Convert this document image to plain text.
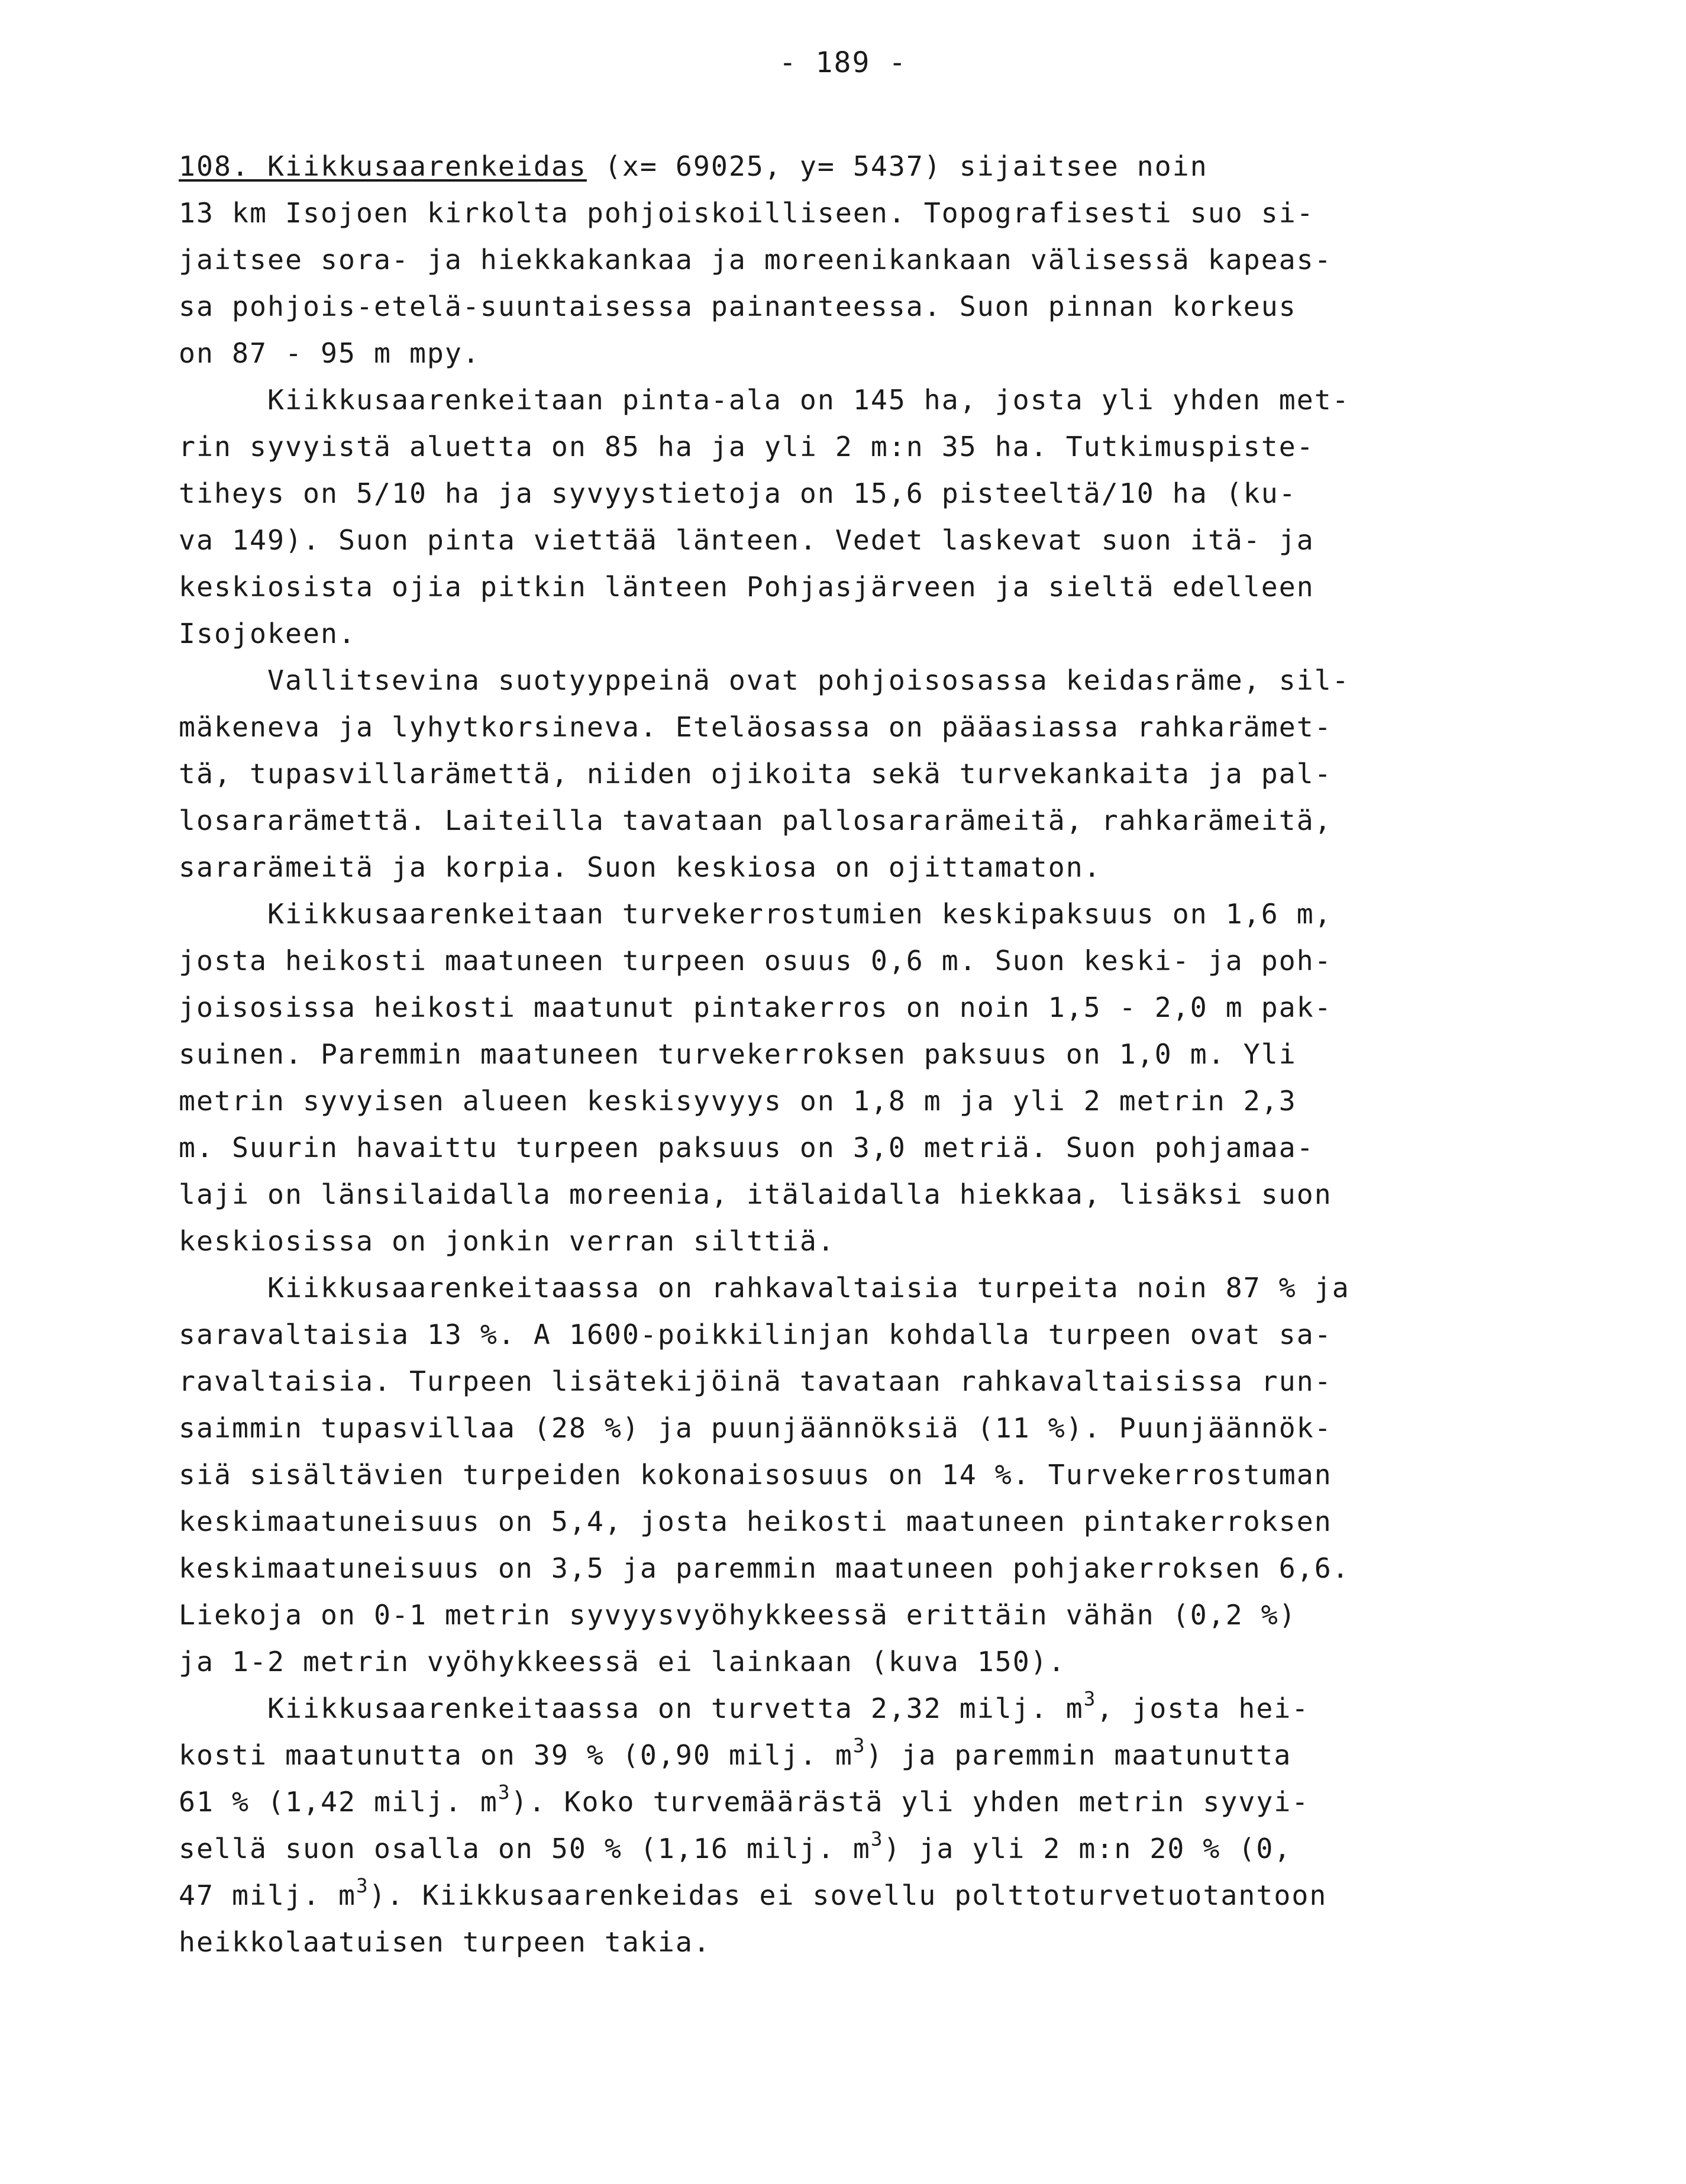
- 189 -
108. Kiikkusaarenkeidas (x= 69025, y= 5437) sijaitsee noin
13 km Isojoen kirkolta pohjoiskoilliseen. Topografisesti suo si-
jaitsee sora- ja hiekkakankaa ja moreenikankaan välisessä kapeas-
sa pohjois-etelä-suuntaisessa painanteessa. Suon pinnan korkeus
on 87 - 95 m mpy.
Kiikkusaarenkeitaan pinta-ala on 145 ha, josta yli yhden met-
rin syvyistä aluetta on 85 ha ja yli 2 m:n 35 ha. Tutkimuspiste-
tiheys on 5/10 ha ja syvyystietoja on 15,6 pisteeltä/10 ha (ku-
va 149). Suon pinta viettää länteen. Vedet laskevat suon itä- ja
keskiosista ojia pitkin länteen Pohjasjärveen ja sieltä edelleen
Isojokeen.
Vallitsevina suotyyppeinä ovat pohjoisosassa keidasräme, sil-
mäkeneva ja lyhytkorsineva. Eteläosassa on pääasiassa rahkarämet-
tä, tupasvillarämettä, niiden ojikoita sekä turvekankaita ja pal-
losararämettä. Laiteilla tavataan pallosararämeitä, rahkarämeitä,
sararämeitä ja korpia. Suon keskiosa on ojittamaton.
Kiikkusaarenkeitaan turvekerrostumien keskipaksuus on 1,6 m,
josta heikosti maatuneen turpeen osuus 0,6 m. Suon keski- ja poh-
joisosissa heikosti maatunut pintakerros on noin 1,5 - 2,0 m pak-
suinen. Paremmin maatuneen turvekerroksen paksuus on 1,0 m. Yli
metrin syvyisen alueen keskisyvyys on 1,8 m ja yli 2 metrin 2,3
m. Suurin havaittu turpeen paksuus on 3,0 metriä. Suon pohjamaa-
laji on länsilaidalla moreenia, itälaidalla hiekkaa, lisäksi suon
keskiosissa on jonkin verran silttiä.
Kiikkusaarenkeitaassa on rahkavaltaisia turpeita noin 87 % ja
saravaltaisia 13 %. A 1600-poikkilinjan kohdalla turpeen ovat sa-
ravaltaisia. Turpeen lisätekijöinä tavataan rahkavaltaisissa run-
saimmin tupasvillaa (28 %) ja puunjäännöksiä (11 %). Puunjäännök-
siä sisältävien turpeiden kokonaisosuus on 14 %. Turvekerrostuman
keskimaatuneisuus on 5,4, josta heikosti maatuneen pintakerroksen
keskimaatuneisuus on 3,5 ja paremmin maatuneen pohjakerroksen 6,6.
Liekoja on 0-1 metrin syvyysvyöhykkeessä erittäin vähän (0,2 %)
ja 1-2 metrin vyöhykkeessä ei lainkaan (kuva 150).
Kiikkusaarenkeitaassa on turvetta 2,32 milj. $m^3$, josta hei-
kosti maatunutta on 39 % (0,90 milj. $m^3$) ja paremmin maatunutta
61 % (1,42 milj. $m^3$). Koko turvemäärästä yli yhden metrin syvyi-
sellä suon osalla on 50 % (1,16 milj. $m^3$) ja yli 2 m:n 20 % (0,
47 milj. $m^3$). Kiikkusaarenkeidas ei sovellu polttoturvetuotantoon
heikkolaatuisen turpeen takia.
